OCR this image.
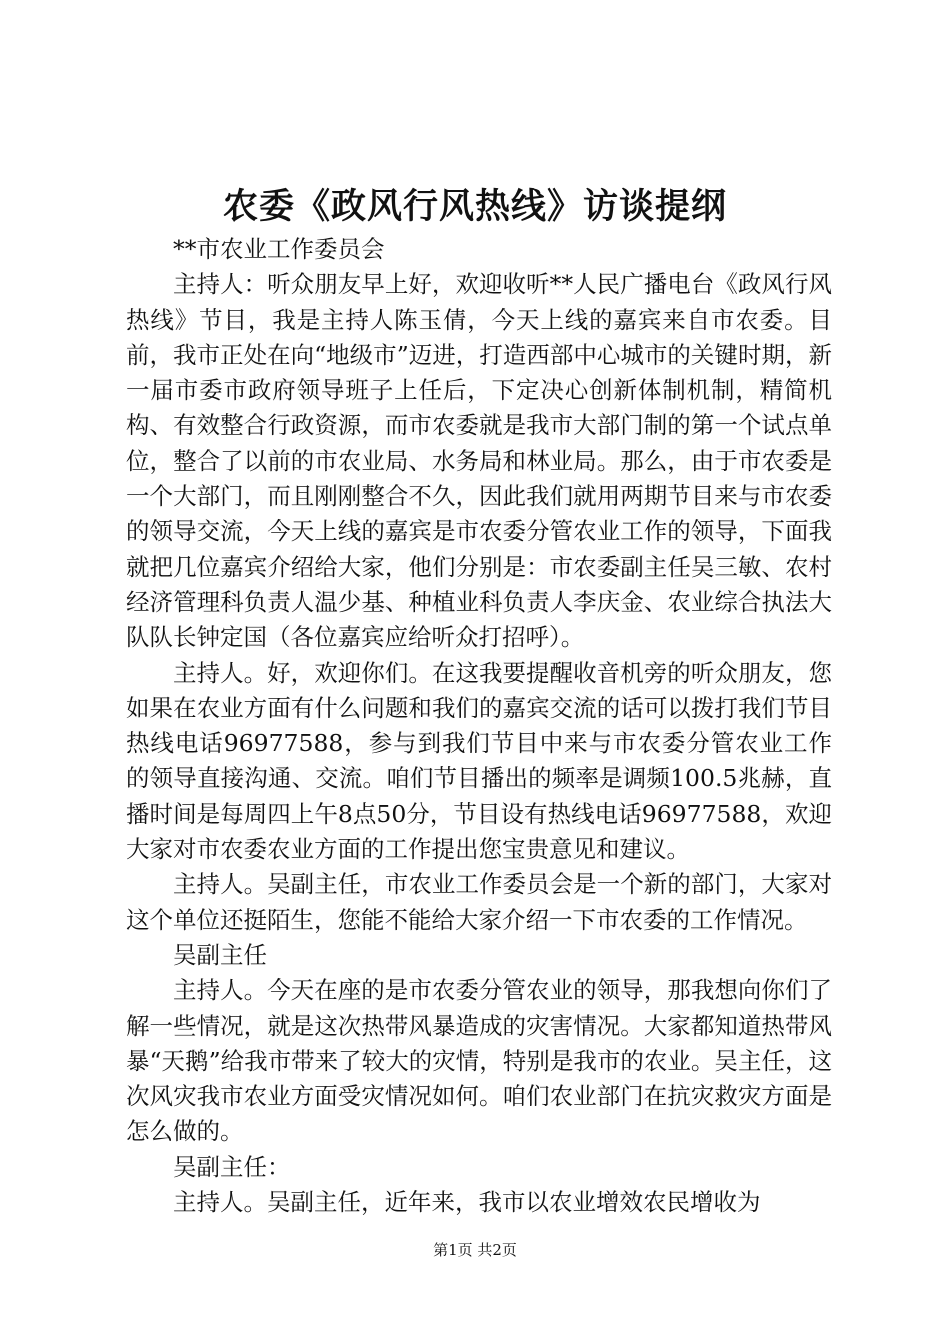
农委《政风行风热线》访谈提纲

**市农业工作委员会

主持人：听众朋友早上好，欢迎收听**人民广播电台《政风行风热线》节目，我是主持人陈玉倩，今天上线的嘉宾来自市农委。目前，我市正处在向“地级市”迈进，打造西部中心城市的关键时期，新一届市委市政府领导班子上任后，下定决心创新体制机制，精简机构、有效整合行政资源，而市农委就是我市大部门制的第一个试点单位，整合了以前的市农业局、水务局和林业局。那么，由于市农委是一个大部门，而且刚刚整合不久，因此我们就用两期节目来与市农委的领导交流，今天上线的嘉宾是市农委分管农业工作的领导，下面我就把几位嘉宾介绍给大家，他们分别是：市农委副主任吴三敏、农村经济管理科负责人温少基、种植业科负责人李庆金、农业综合执法大队队长钟定国（各位嘉宾应给听众打招呼）。

主持人。好，欢迎你们。在这我要提醒收音机旁的听众朋友，您如果在农业方面有什么问题和我们的嘉宾交流的话可以拨打我们节目热线电话96977588，参与到我们节目中来与市农委分管农业工作的领导直接沟通、交流。咱们节目播出的频率是调频100.5兆赫，直播时间是每周四上午8点50分，节目设有热线电话96977588，欢迎大家对市农委农业方面的工作提出您宝贵意见和建议。

主持人。吴副主任，市农业工作委员会是一个新的部门，大家对这个单位还挺陌生，您能不能给大家介绍一下市农委的工作情况。

吴副主任

主持人。今天在座的是市农委分管农业的领导，那我想向你们了解一些情况，就是这次热带风暴造成的灾害情况。大家都知道热带风暴“天鹅”给我市带来了较大的灾情，特别是我市的农业。吴主任，这次风灾我市农业方面受灾情况如何。咱们农业部门在抗灾救灾方面是怎么做的。

吴副主任：

主持人。吴副主任，近年来，我市以农业增效农民增收为

第1页 共2页
